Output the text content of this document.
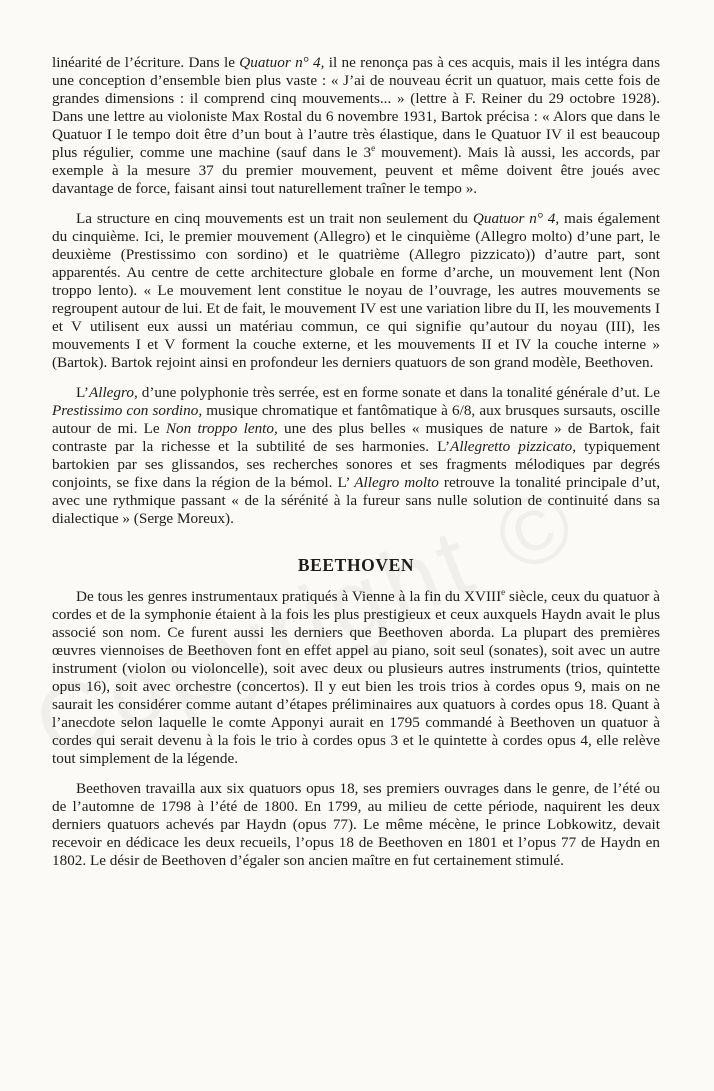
linéarité de l’écriture. Dans le Quatuor n° 4, il ne renonça pas à ces acquis, mais il les intégra dans une conception d’ensemble bien plus vaste : « J’ai de nouveau écrit un quatuor, mais cette fois de grandes dimensions : il comprend cinq mouvements... » (lettre à F. Reiner du 29 octobre 1928). Dans une lettre au violoniste Max Rostal du 6 novembre 1931, Bartok précisa : « Alors que dans le Quatuor I le tempo doit être d’un bout à l’autre très élastique, dans le Quatuor IV il est beaucoup plus régulier, comme une machine (sauf dans le 3e mouvement). Mais là aussi, les accords, par exemple à la mesure 37 du premier mouvement, peuvent et même doivent être joués avec davantage de force, faisant ainsi tout naturellement traîner le tempo ».

La structure en cinq mouvements est un trait non seulement du Quatuor n° 4, mais également du cinquième. Ici, le premier mouvement (Allegro) et le cinquième (Allegro molto) d’une part, le deuxième (Prestissimo con sordino) et le quatrième (Allegro pizzicato)) d’autre part, sont apparentés. Au centre de cette architecture globale en forme d’arche, un mouvement lent (Non troppo lento). « Le mouvement lent constitue le noyau de l’ouvrage, les autres mouvements se regroupent autour de lui. Et de fait, le mouvement IV est une variation libre du II, les mouvements I et V utilisent eux aussi un matériau commun, ce qui signifie qu’autour du noyau (III), les mouvements I et V forment la couche externe, et les mouvements II et IV la couche interne » (Bartok). Bartok rejoint ainsi en profondeur les derniers quatuors de son grand modèle, Beethoven.

L’Allegro, d’une polyphonie très serrée, est en forme sonate et dans la tonalité générale d’ut. Le Prestissimo con sordino, musique chromatique et fantômatique à 6/8, aux brusques sursauts, oscille autour de mi. Le Non troppo lento, une des plus belles « musiques de nature » de Bartok, fait contraste par la richesse et la subtilité de ses harmonies. L’Allegretto pizzicato, typiquement bartokien par ses glissandos, ses recherches sonores et ses fragments mélodiques par degrés conjoints, se fixe dans la région de la bémol. L’ Allegro molto retrouve la tonalité principale d’ut, avec une rythmique passant « de la sérénité à la fureur sans nulle solution de continuité dans sa dialectique » (Serge Moreux).

BEETHOVEN

De tous les genres instrumentaux pratiqués à Vienne à la fin du XVIIIe siècle, ceux du quatuor à cordes et de la symphonie étaient à la fois les plus prestigieux et ceux auxquels Haydn avait le plus associé son nom. Ce furent aussi les derniers que Beethoven aborda. La plupart des premières œuvres viennoises de Beethoven font en effet appel au piano, soit seul (sonates), soit avec un autre instrument (violon ou violoncelle), soit avec deux ou plusieurs autres instruments (trios, quintette opus 16), soit avec orchestre (concertos). Il y eut bien les trois trios à cordes opus 9, mais on ne saurait les considérer comme autant d’étapes préliminaires aux quatuors à cordes opus 18. Quant à l’anecdote selon laquelle le comte Apponyi aurait en 1795 commandé à Beethoven un quatuor à cordes qui serait devenu à la fois le trio à cordes opus 3 et le quintette à cordes opus 4, elle relève tout simplement de la légende.

Beethoven travailla aux six quatuors opus 18, ses premiers ouvrages dans le genre, de l’été ou de l’automne de 1798 à l’été de 1800. En 1799, au milieu de cette période, naquirent les deux derniers quatuors achevés par Haydn (opus 77). Le même mécène, le prince Lobkowitz, devait recevoir en dédicace les deux recueils, l’opus 18 de Beethoven en 1801 et l’opus 77 de Haydn en 1802. Le désir de Beethoven d’égaler son ancien maître en fut certainement stimulé.
